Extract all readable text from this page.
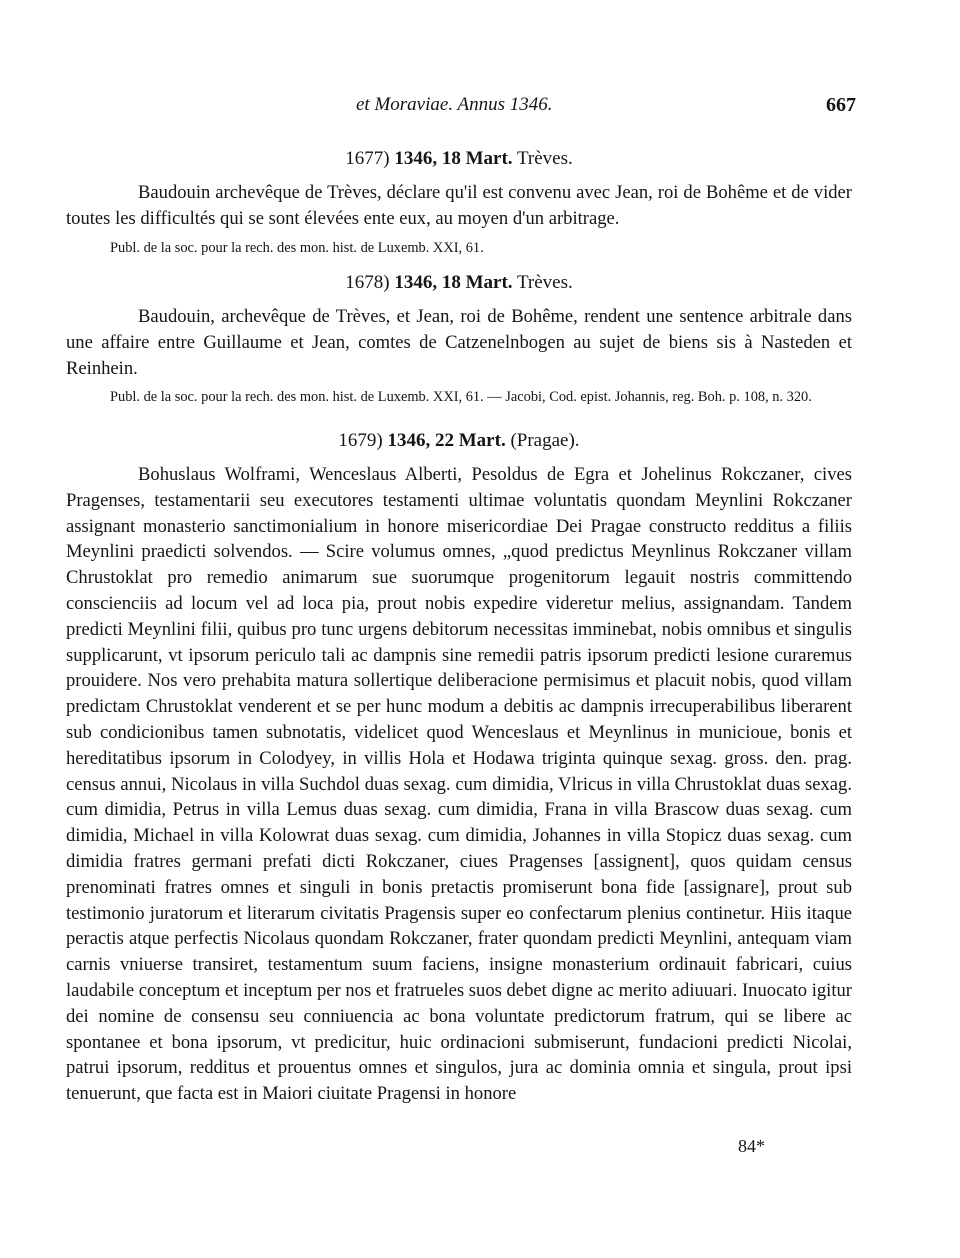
et Moraviae. Annus 1346.	667

1677) 1346, 18 Mart. Trèves.

Baudouin archevêque de Trèves, déclare qu'il est convenu avec Jean, roi de Bohême et de vider toutes les difficultés qui se sont élevées ente eux, au moyen d'un arbitrage.

Publ. de la soc. pour la rech. des mon. hist. de Luxemb. XXI, 61.

1678) 1346, 18 Mart. Trèves.

Baudouin, archevêque de Trèves, et Jean, roi de Bohême, rendent une sentence arbitrale dans une affaire entre Guillaume et Jean, comtes de Catzenelnbogen au sujet de biens sis à Nasteden et Reinhein.

Publ. de la soc. pour la rech. des mon. hist. de Luxemb. XXI, 61. — Jacobi, Cod. epist. Johannis, reg. Boh. p. 108, n. 320.

1679) 1346, 22 Mart. (Pragae).

Bohuslaus Wolframi, Wenceslaus Alberti, Pesoldus de Egra et Johelinus Rokczaner, cives Pragenses, testamentarii seu executores testamenti ultimae voluntatis quondam Meynlini Rokczaner assignant monasterio sanctimonialium in honore misericordiae Dei Pragae constructo redditus a filiis Meynlini praedicti solvendos. — Scire volumus omnes, „quod predictus Meynlinus Rokczaner villam Chrustoklat pro remedio animarum sue suorumque progenitorum legauit nostris committendo conscienciis ad locum vel ad loca pia, prout nobis expedire videretur melius, assignandam. Tandem predicti Meynlini filii, quibus pro tunc urgens debitorum necessitas imminebat, nobis omnibus et singulis supplicarunt, vt ipsorum periculo tali ac dampnis sine remedii patris ipsorum predicti lesione curaremus prouidere. Nos vero prehabita matura sollertique deliberacione permisimus et placuit nobis, quod villam predictam Chrustoklat venderent et se per hunc modum a debitis ac dampnis irrecuperabilibus liberarent sub condicionibus tamen subnotatis, videlicet quod Wenceslaus et Meynlinus in municioue, bonis et hereditatibus ipsorum in Colodyey, in villis Hola et Hodawa triginta quinque sexag. gross. den. prag. census annui, Nicolaus in villa Suchdol duas sexag. cum dimidia, Vlricus in villa Chrustoklat duas sexag. cum dimidia, Petrus in villa Lemus duas sexag. cum dimidia, Frana in villa Brascow duas sexag. cum dimidia, Michael in villa Kolowrat duas sexag. cum dimidia, Johannes in villa Stopicz duas sexag. cum dimidia fratres germani prefati dicti Rokczaner, ciues Pragenses [assignent], quos quidam census prenominati fratres omnes et singuli in bonis pretactis promiserunt bona fide [assignare], prout sub testimonio juratorum et literarum civitatis Pragensis super eo confectarum plenius continetur. Hiis itaque peractis atque perfectis Nicolaus quondam Rokczaner, frater quondam predicti Meynlini, antequam viam carnis vniuerse transiret, testamentum suum faciens, insigne monasterium ordinauit fabricari, cuius laudabile conceptum et inceptum per nos et fratrueles suos debet digne ac merito adiuuari. Inuocato igitur dei nomine de consensu seu conniuencia ac bona voluntate predictorum fratrum, qui se libere ac spontanee et bona ipsorum, vt predicitur, huic ordinacioni submiserunt, fundacioni predicti Nicolai, patrui ipsorum, redditus et prouentus omnes et singulos, jura ac dominia omnia et singula, prout ipsi tenuerunt, que facta est in Maiori ciuitate Pragensi in honore

84*
